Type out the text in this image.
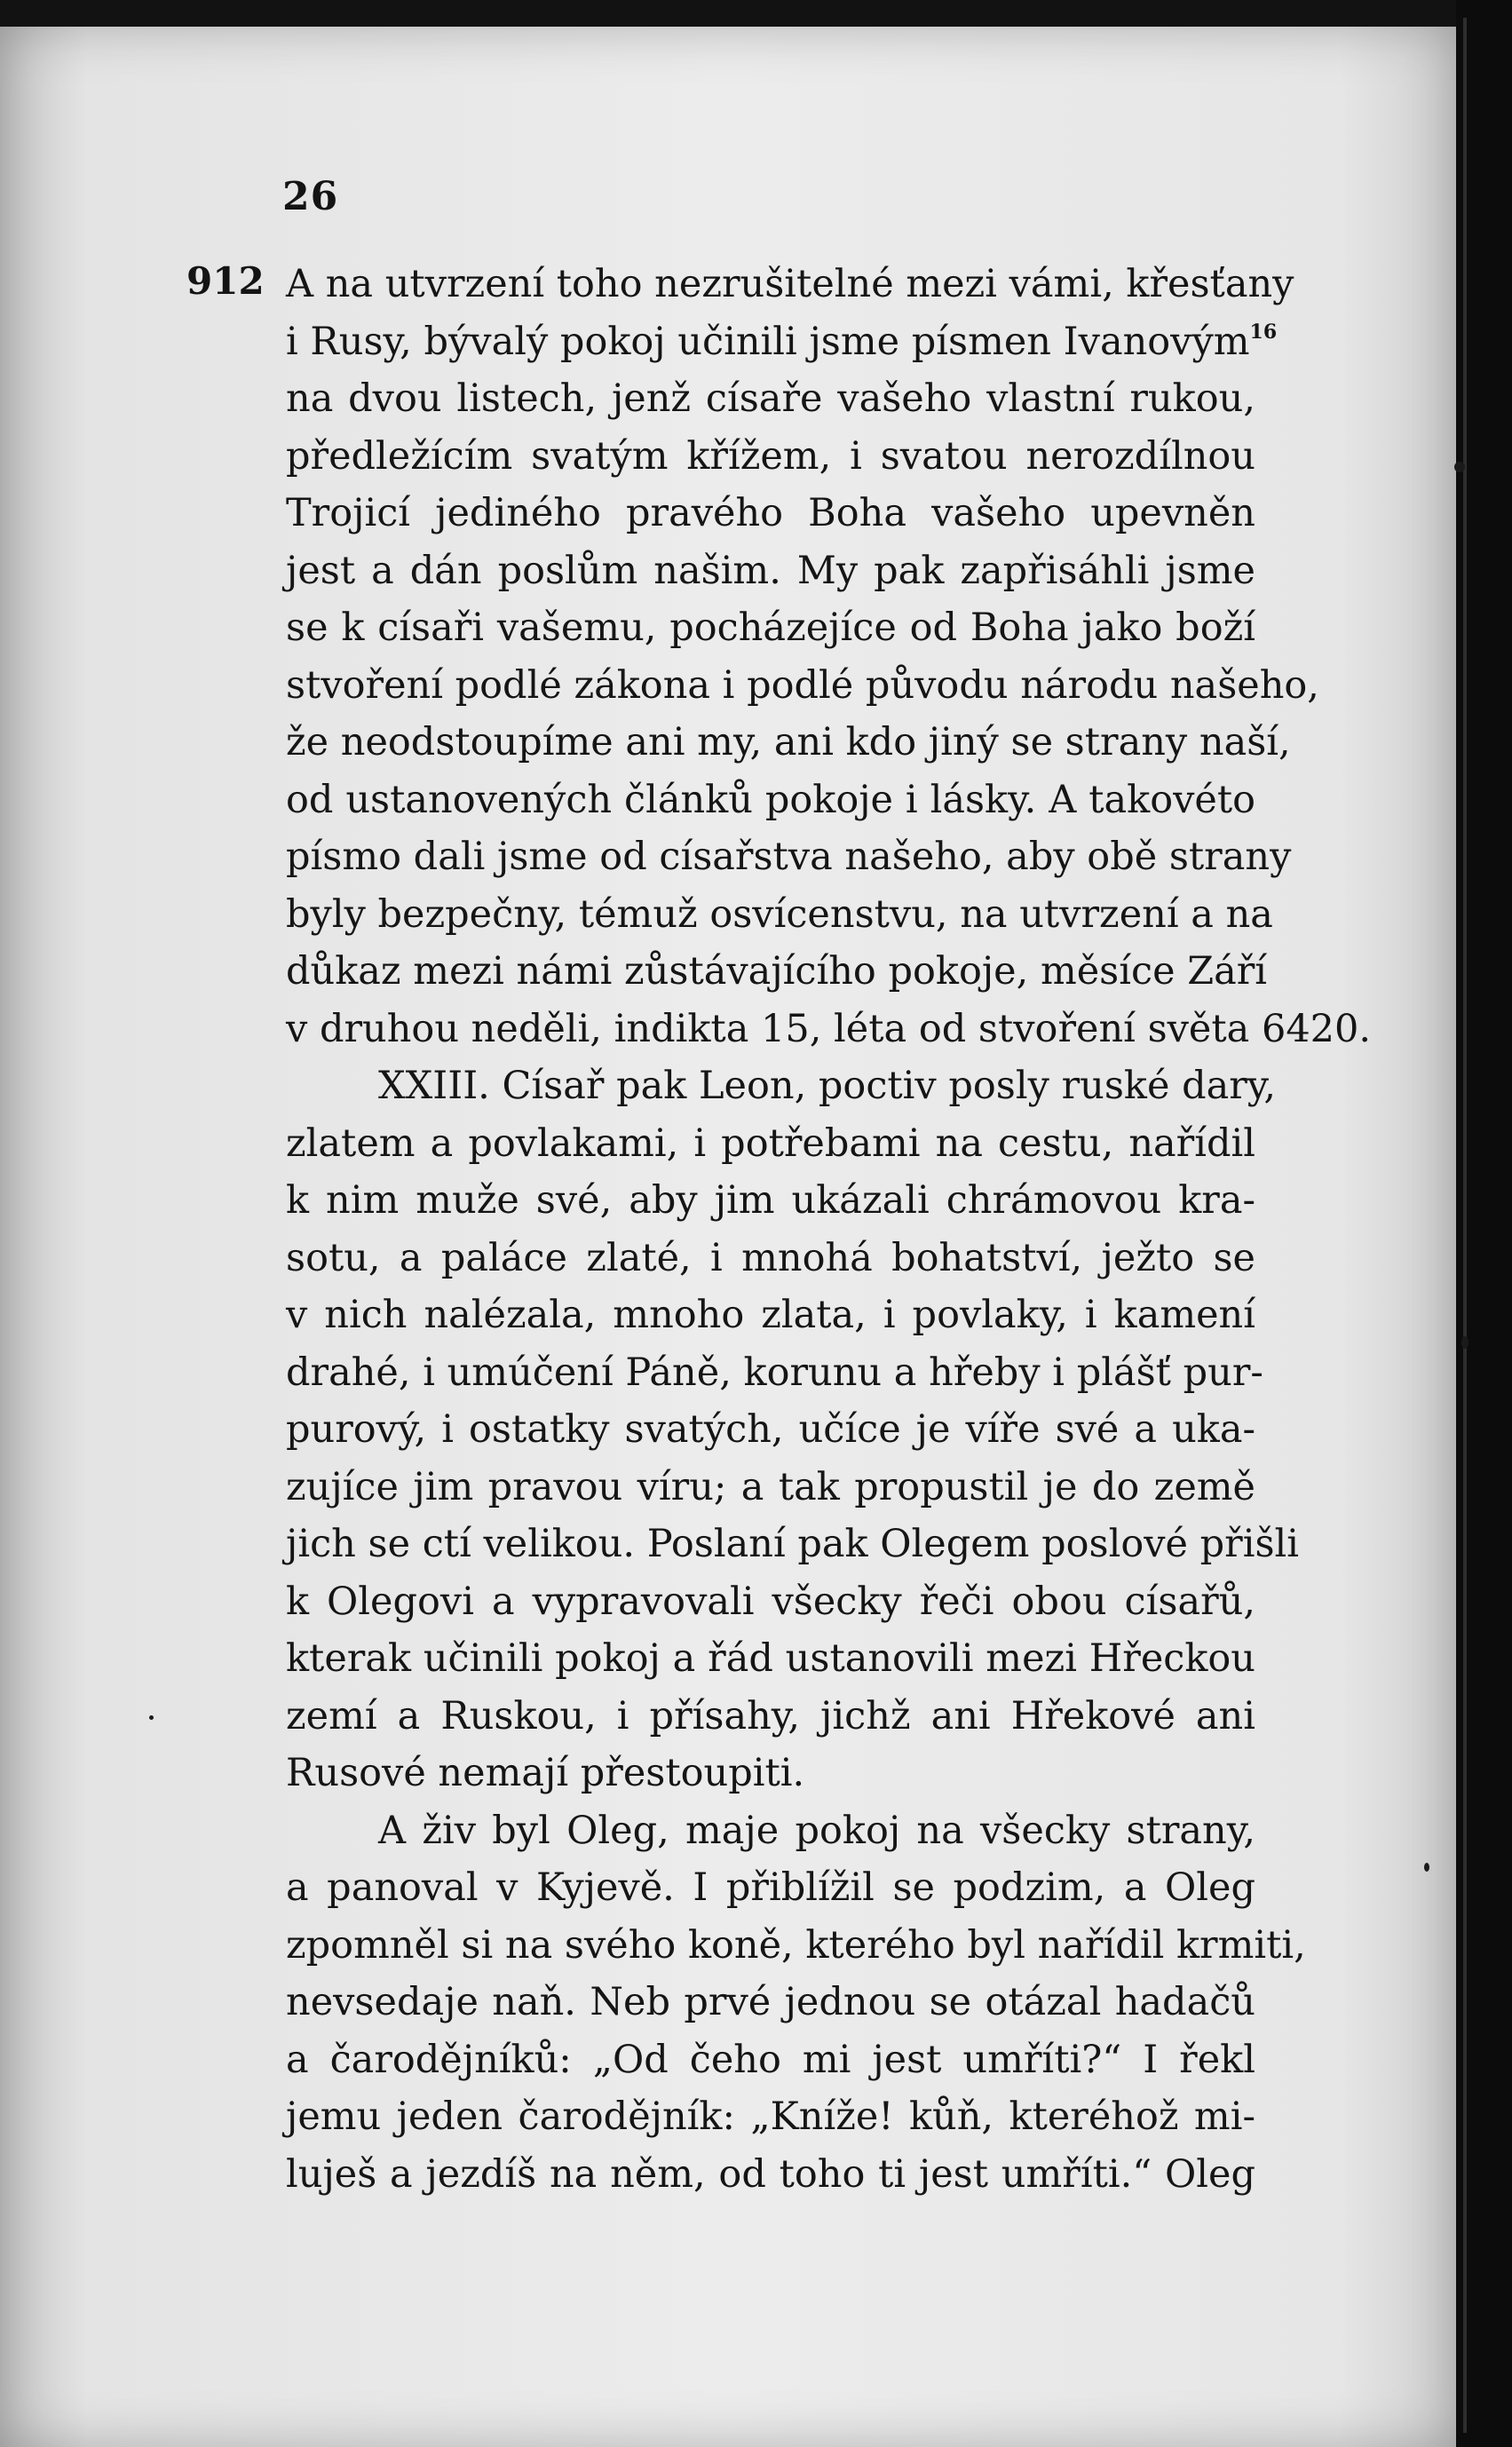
26
912 A na utvrzení toho nezrušitelné mezi vámi, křesťany
i Rusy, bývalý pokoj učinili jsme písmen Ivanovým$^{16}$
na dvou listech, jenž císaře vašeho vlastní rukou,
předležícím svatým křížem, i svatou nerozdílnou
Trojicí jediného pravého Boha vašeho upevněn
jest a dán poslům našim. My pak zapřisáhli jsme
se k císaři vašemu, pocházejíce od Boha jako boží
stvoření podlé zákona i podlé původu národu našeho,
že neodstoupíme ani my, ani kdo jiný se strany naší,
od ustanovených článků pokoje i lásky. A takovéto
písmo dali jsme od císařstva našeho, aby obě strany
byly bezpečny, témuž osvícenstvu, na utvrzení a na
důkaz mezi námi zůstávajícího pokoje, měsíce Září
v druhou neděli, indikta 15, léta od stvoření světa 6420.
XXIII. Císař pak Leon, poctiv posly ruské dary,
zlatem a povlakami, i potřebami na cestu, nařídil
k nim muže své, aby jim ukázali chrámovou kra-
sotu, a paláce zlaté, i mnohá bohatství, ježto se
v nich nalézala, mnoho zlata, i povlaky, i kamení
drahé, i umúčení Páně, korunu a hřeby i plášť pur-
purový, i ostatky svatých, učíce je víře své a uka-
zujíce jim pravou víru; a tak propustil je do země
jich se ctí velikou. Poslaní pak Olegem poslové přišli
k Olegovi a vypravovali všecky řeči obou císařů,
kterak učinili pokoj a řád ustanovili mezi Hřeckou
zemí a Ruskou, i přísahy, jichž ani Hřekové ani
Rusové nemají přestoupiti.
A živ byl Oleg, maje pokoj na všecky strany,
a panoval v Kyjevě. I přiblížil se podzim, a Oleg
zpomněl si na svého koně, kterého byl nařídil krmiti,
nevsedaje naň. Neb prvé jednou se otázal hadačů
a čarodějníků: „Od čeho mi jest umříti?“ I řekl
jemu jeden čarodějník: „Kníže! kůň, kteréhož mi-
luješ a jezdíš na něm, od toho ti jest umříti.“ Oleg
